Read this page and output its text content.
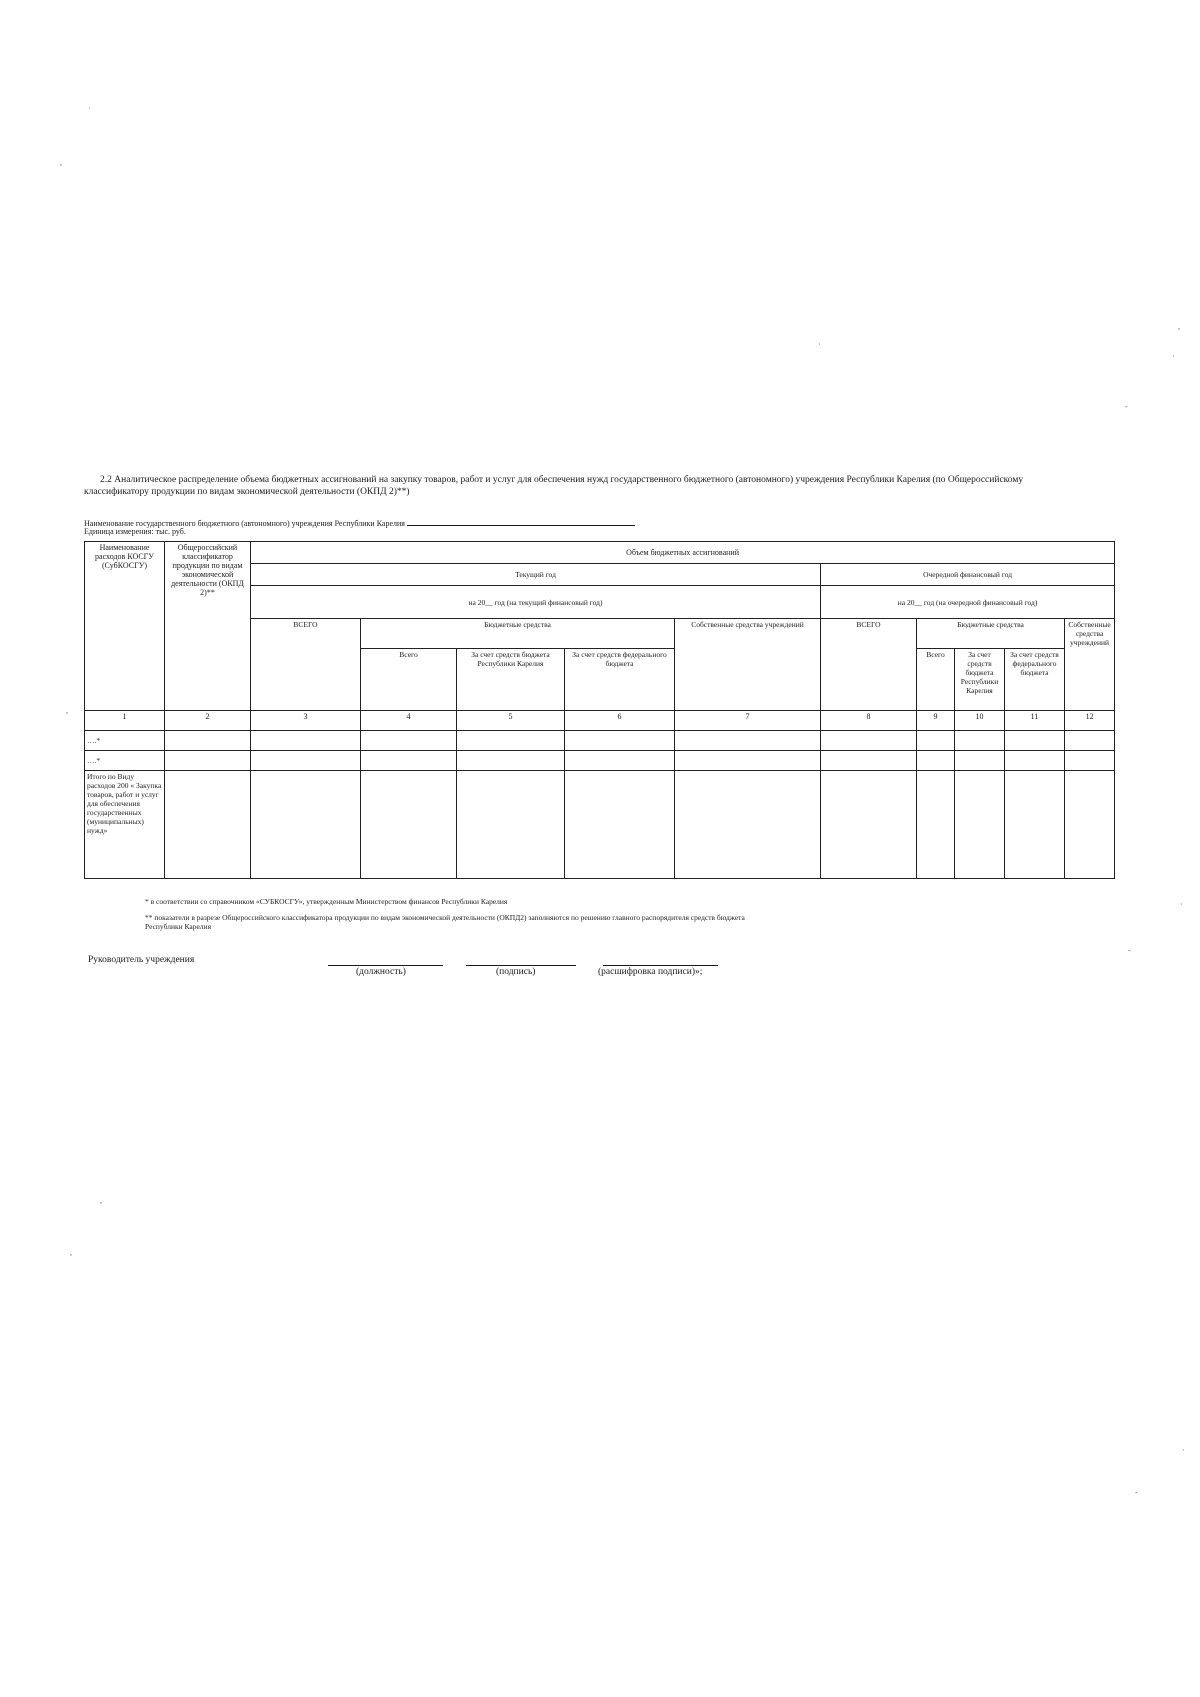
2.2 Аналитическое распределение объема бюджетных ассигнований на закупку товаров, работ и услуг для обеспечения нужд государственного бюджетного (автономного) учреждения Республики Карелия (по Общероссийскому классификатору продукции по видам экономической деятельности (ОКПД 2)**)
Наименование государственного бюджетного (автономного) учреждения Республики Карелия
Единица измерения: тыс. руб.
Наименование расходов КОСГУ (СубКОСГУ)	Общероссийский классификатор продукции по видам экономической деятельности (ОКПД 2)**	Объем бюджетных ассигнований									
		Текущий год					Очередной финансовый год				
		на 20__ год (на текущий финансовый год)					на 20__ год (на очередной финансовый год)				
		ВСЕГО	Бюджетные средства			Собственные средства учреждений	ВСЕГО	Бюджетные средства			Собственные средства учреждений
			Всего	За счет средств бюджета Республики Карелия	За счет средств федерального бюджета			Всего	За счет средств бюджета Республики Карелия	За счет средств федерального бюджета	
1	2	3	4	5	6	7	8	9	10	11	12
….*											
….*											
Итого по Виду расходов 200 « Закупка товаров, работ и услуг для обеспечения государственных (муниципальных) нужд»											
* в соответствии со справочником «СУБКОСГУ», утвержденным Министерством финансов Республики Карелия
** показатели в разрезе Общероссийского классификатора продукции по видам экономической деятельности (ОКПД2) заполняются по решению главного распорядителя средств бюджета
Республики Карелия
Руководитель учреждения
(должность)	(подпись)	(расшифровка подписи)»;
·
,
,
·
·
-
,
·
-
,
,
·
-
